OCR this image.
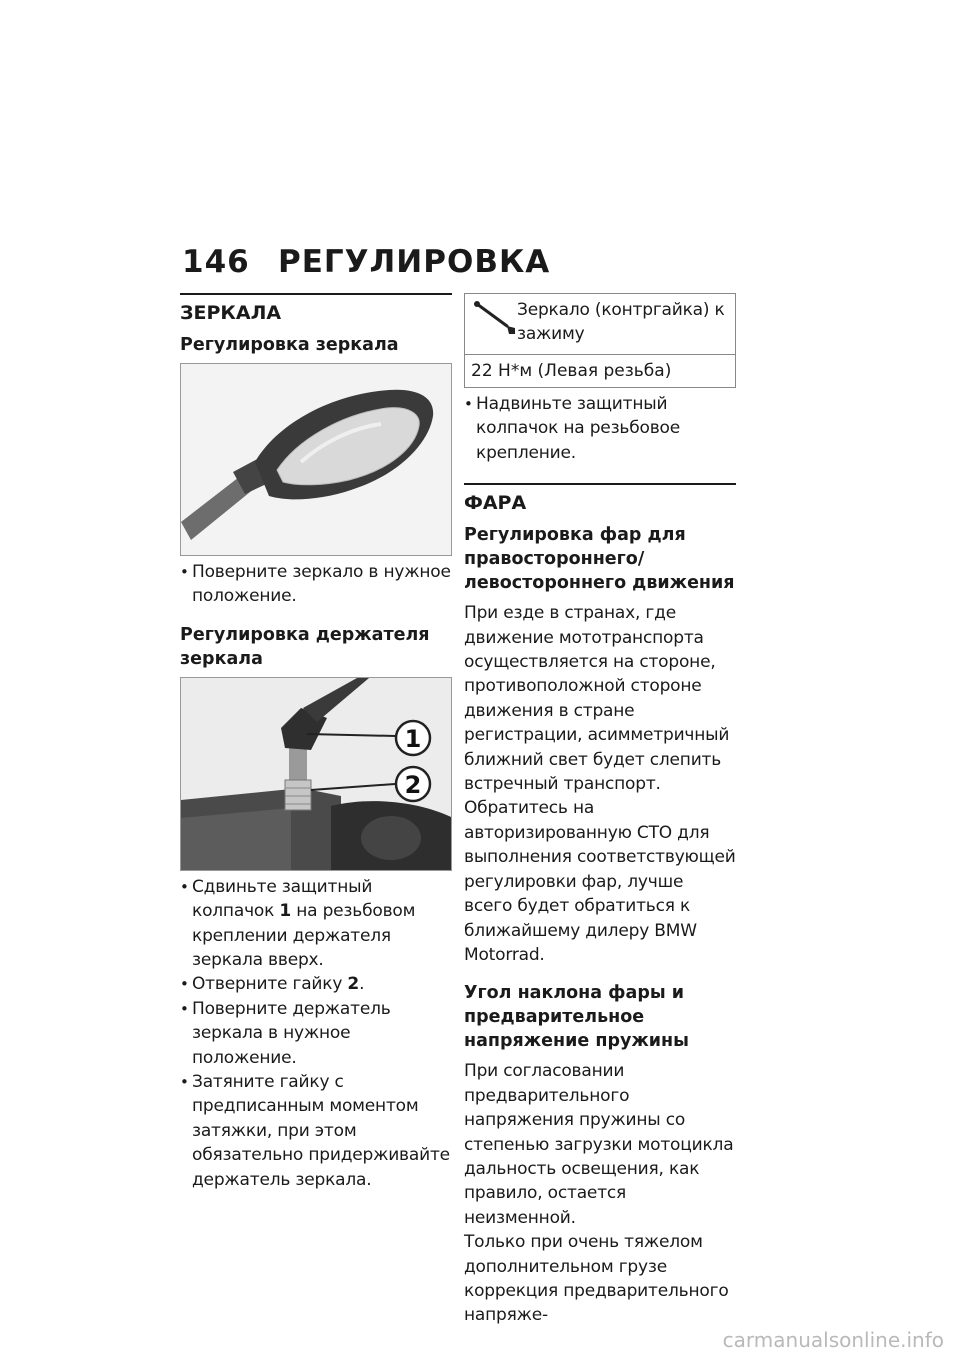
146 РЕГУЛИРОВКА
ЗЕРКАЛА
Регулировка зеркала
• Поверните зеркало в нужное положение.
Регулировка держателя зеркала
1
2
• Сдвиньте защитный колпачок 1 на резьбовом креплении держателя зеркала вверх.
• Отверните гайку 2.
• Поверните держатель зеркала в нужное положение.
• Затяните гайку с предписанным моментом затяжки, при этом обязательно придерживайте держатель зеркала.
Зеркало (контргайка) к зажиму
22 Н*м (Левая резьба)
• Надвиньте защитный колпачок на резьбовое крепление.
ФАРА
Регулировка фар для правостороннего/левостороннего движения

При езде в странах, где движение мототранспорта осуществляется на стороне, противоположной стороне движения в стране регистрации, асимметричный ближний свет будет слепить встречный транспорт. Обратитесь на авторизированную СТО для выполнения соответствующей регулировки фар, лучше всего будет обратиться к ближайшему дилеру BMW Motorrad.

Угол наклона фары и предварительное напряжение пружины

При согласовании предварительного напряжения пружины со степенью загрузки мотоцикла дальность освещения, как правило, остается неизменной.

Только при очень тяжелом дополнительном грузе коррекция предварительного напряже-

carmanualsonline.info
